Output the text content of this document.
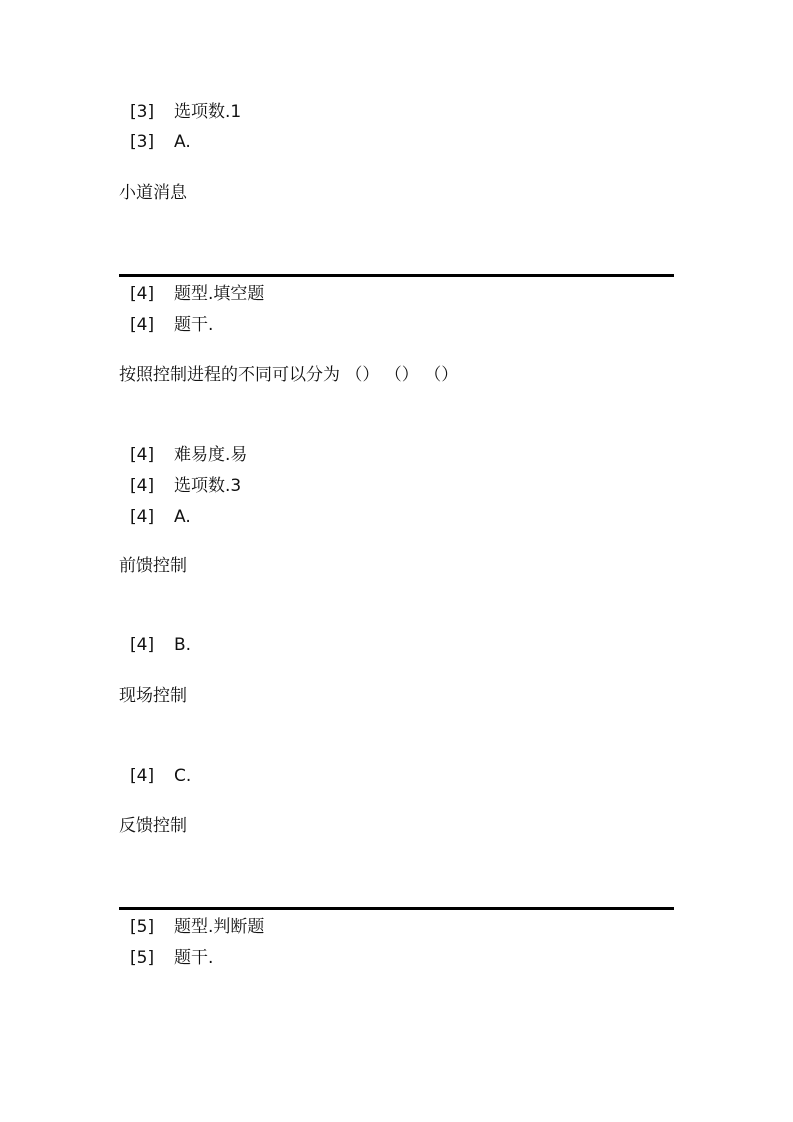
[3] 选项数.1
[3] A.
小道消息
[4] 题型.填空题
[4] 题干.
按照控制进程的不同可以分为 （） （） （）
[4] 难易度.易
[4] 选项数.3
[4] A.
前馈控制
[4] B.
现场控制
[4] C.
反馈控制
[5] 题型.判断题
[5] 题干.
